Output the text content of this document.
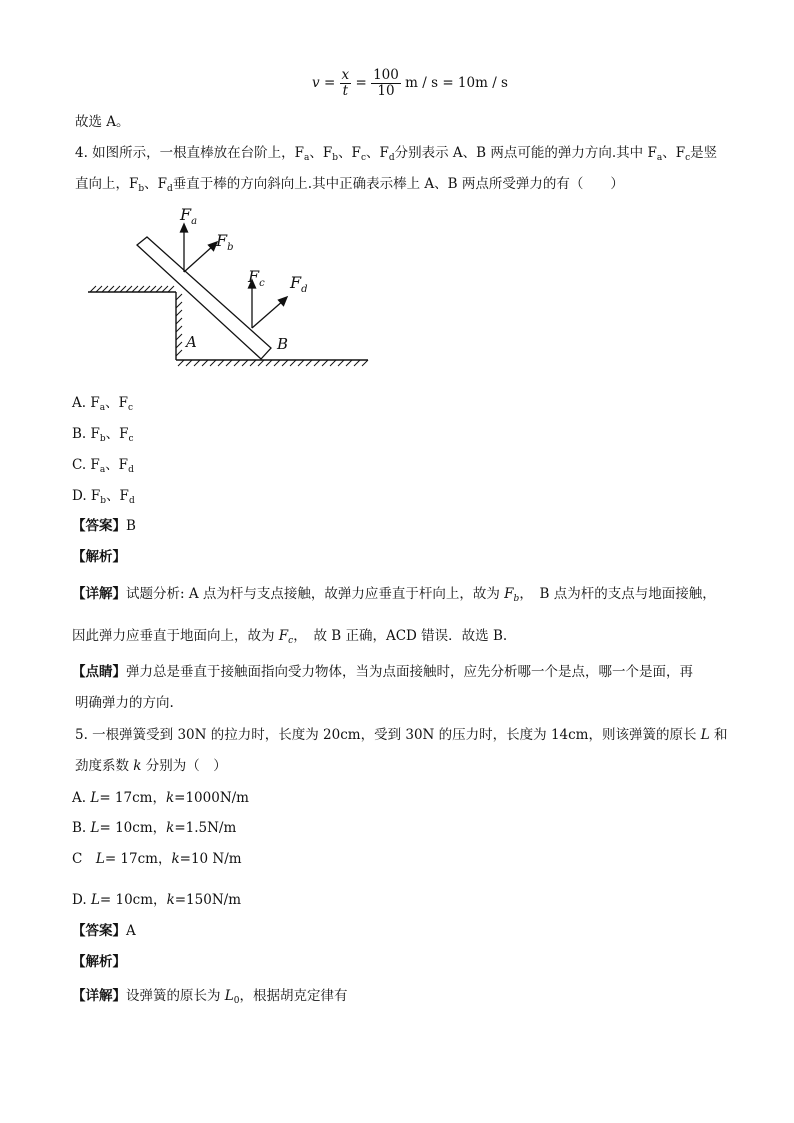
$v = \frac{x}{t} = \frac{100}{10}$ m / s = 10m / s
故选 A。
4. 如图所示，一根直棒放在台阶上，$F_a$、$F_b$、$F_c$、$F_d$分别表示 A、B 两点可能的弹力方向.其中 $F_a$、$F_c$是竖
直向上，$F_b$、$F_d$垂直于棒的方向斜向上.其中正确表示棒上 A、B 两点所受弹力的有（　　）
$F_a$
$F_b$
$F_c$ $F_d$
A	B
A. $F_a$、$F_c$
B. $F_b$、$F_c$
C. $F_a$、$F_d$
D. $F_b$、$F_d$
【答案】B
【解析】
【详解】试题分析: A 点为杆与支点接触，故弹力应垂直于杆向上，故为 $F_b$，　B 点为杆的支点与地面接触，
因此弹力应垂直于地面向上，故为 $F_c$，　故 B 正确，ACD 错误．故选 B.
【点睛】弹力总是垂直于接触面指向受力物体，当为点面接触时，应先分析哪一个是点，哪一个是面，再
明确弹力的方向.
5. 一根弹簧受到 30N 的拉力时，长度为 20cm，受到 30N 的压力时，长度为 14cm，则该弹簧的原长 L 和
劲度系数 k 分别为（　）
A. L= 17cm，k=1000N/m
B. L= 10cm，k=1.5N/m
C　L= 17cm，k=10 N/m
D. L= 10cm，k=150N/m
【答案】A
【解析】
【详解】设弹簧的原长为 $L_0$，根据胡克定律有
